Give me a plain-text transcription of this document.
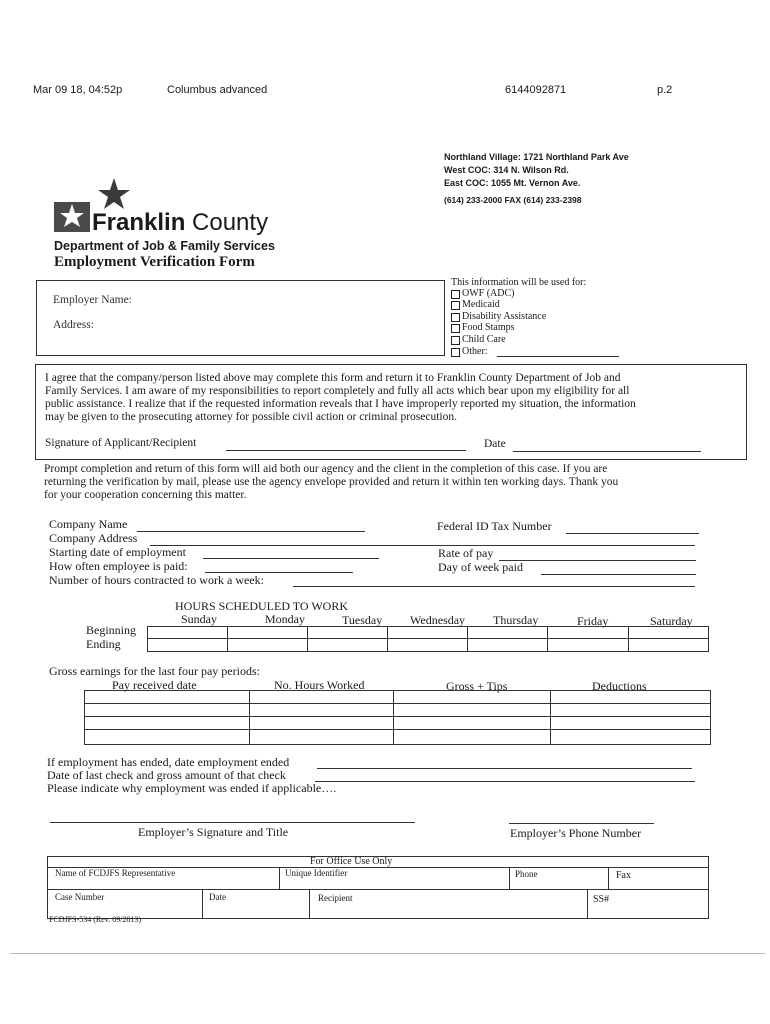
Mar 09 18, 04:52p	Columbus advanced	6144092871	p.2
Northland Village: 1721 Northland Park Ave
West COC: 314 N. Wilson Rd.
East COC: 1055 Mt. Vernon Ave.
(614) 233-2000 FAX (614) 233-2398
Franklin County
Department of Job & Family Services
Employment Verification Form
Employer Name:
Address:
This information will be used for:
OWF (ADC)
Medicaid
Disability Assistance
Food Stamps
Child Care
Other:
I agree that the company/person listed above may complete this form and return it to Franklin County Department of Job and
Family Services. I am aware of my responsibilities to report completely and fully all acts which bear upon my eligibility for all
public assistance. I realize that if the requested information reveals that I have improperly reported my situation, the information
may be given to the prosecuting attorney for possible civil action or criminal prosecution.
Signature of Applicant/Recipient	Date
Prompt completion and return of this form will aid both our agency and the client in the completion of this case. If you are
returning the verification by mail, please use the agency envelope provided and return it within ten working days. Thank you
for your cooperation concerning this matter.
Company Name
Company Address
Starting date of employment
How often employee is paid:
Number of hours contracted to work a week:
Federal ID Tax Number
Rate of pay
Day of week paid
HOURS SCHEDULED TO WORK
Sunday	Monday	Tuesday Wednesday Thursday	Friday	Saturday
Beginning
Ending
Gross earnings for the last four pay periods:
Pay received date	No. Hours Worked	Gross + Tips	Deductions
If employment has ended, date employment ended
Date of last check and gross amount of that check
Please indicate why employment was ended if applicable….
Employer’s Signature and Title	Employer’s Phone Number
For Office Use Only
Name of FCDJFS Representative	Unique Identifier	Phone	Fax
Case Number	Date	Recipient	SS#
FCDJFS-534 (Rev. 09/2013)
